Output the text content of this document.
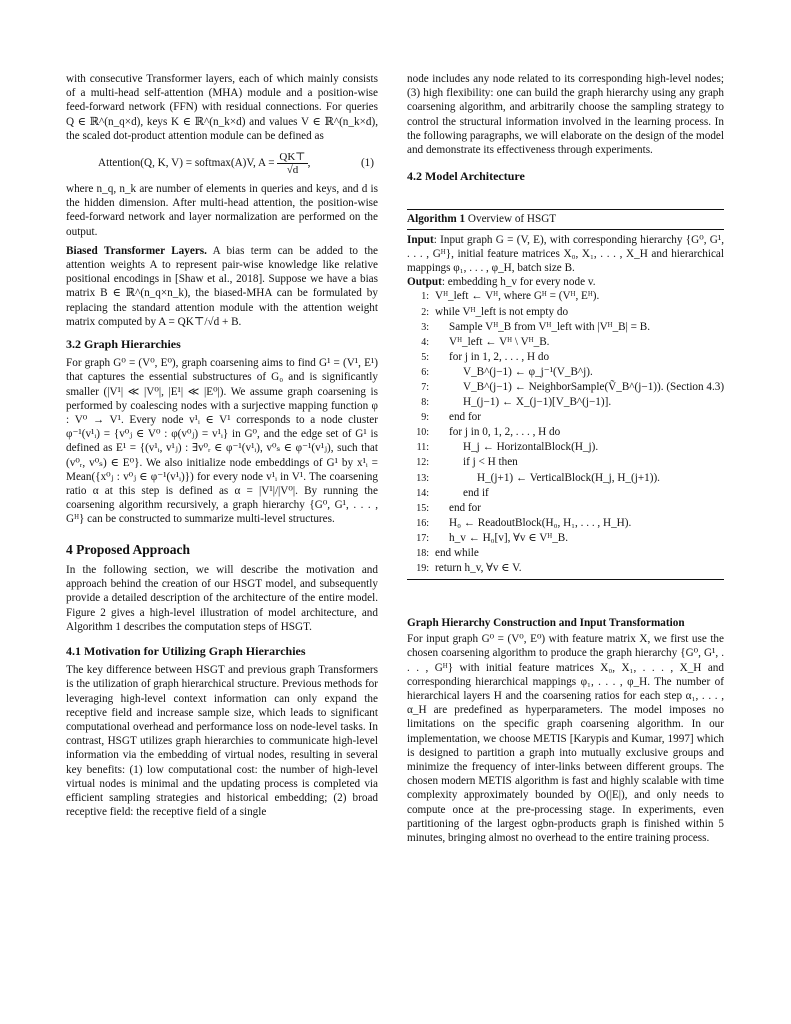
with consecutive Transformer layers, each of which mainly consists of a multi-head self-attention (MHA) module and a position-wise feed-forward network (FFN) with residual connections. For queries Q ∈ ℝ^(n_q×d), keys K ∈ ℝ^(n_k×d) and values V ∈ ℝ^(n_k×d), the scaled dot-product attention module can be defined as

Attention(Q, K, V) = softmax(A)V, $A = \frac{QK⊤}{√d}$ ,	(1)

where n_q, n_k are number of elements in queries and keys, and d is the hidden dimension. After multi-head attention, the position-wise feed-forward network and layer normalization are performed on the output.

Biased Transformer Layers. A bias term can be added to the attention weights A to represent pair-wise knowledge like relative positional encodings in [Shaw et al., 2018]. Suppose we have a bias matrix B ∈ ℝ^(n_q×n_k), the biased-MHA can be formulated by replacing the standard attention module with the attention weight matrix computed by A = QK⊤/√d + B.

3.2 Graph Hierarchies

For graph G⁰ = (V⁰, E⁰), graph coarsening aims to find G¹ = (V¹, E¹) that captures the essential substructures of G₀ and is significantly smaller (|V¹| ≪ |V⁰|, |E¹| ≪ |E⁰|). We assume graph coarsening is performed by coalescing nodes with a surjective mapping function φ : V⁰ → V¹. Every node v¹ᵢ ∈ V¹ corresponds to a node cluster φ⁻¹(v¹ᵢ) = {v⁰ⱼ ∈ V⁰ : φ(v⁰ⱼ) = v¹ᵢ} in G⁰, and the edge set of G¹ is defined as E¹ = {(v¹ᵢ, v¹ⱼ) : ∃v⁰ᵣ ∈ φ⁻¹(v¹ᵢ), v⁰ₛ ∈ φ⁻¹(v¹ⱼ), such that (v⁰ᵣ, v⁰ₛ) ∈ E⁰}. We also initialize node embeddings of G¹ by x¹ᵢ = Mean({x⁰ⱼ : v⁰ⱼ ∈ φ⁻¹(v¹ᵢ)}) for every node v¹ᵢ in V¹. The coarsening ratio α at this step is defined as α = |V¹|/|V⁰|. By running the coarsening algorithm recursively, a graph hierarchy {G⁰, G¹, . . . , Gᴴ} can be constructed to summarize multi-level structures.

4 Proposed Approach

In the following section, we will describe the motivation and approach behind the creation of our HSGT model, and subsequently provide a detailed description of the architecture of the entire model. Figure 2 gives a high-level illustration of model architecture, and Algorithm 1 describes the computation steps of HSGT.

4.1 Motivation for Utilizing Graph Hierarchies

The key difference between HSGT and previous graph Transformers is the utilization of graph hierarchical structure. Previous methods for leveraging high-level context information can only expand the receptive field and increase sample size, which leads to significant computational overhead and performance loss on node-level tasks. In contrast, HSGT utilizes graph hierarchies to communicate high-level information via the embedding of virtual nodes, resulting in several key benefits: (1) low computational cost: the number of high-level virtual nodes is minimal and the updating process is completed via efficient sampling strategies and historical embedding; (2) broad receptive field: the receptive field of a single

node includes any node related to its corresponding high-level nodes; (3) high flexibility: one can build the graph hierarchy using any graph coarsening algorithm, and arbitrarily choose the sampling strategy to control the structural information involved in the learning process. In the following paragraphs, we will elaborate on the design of the model and demonstrate its effectiveness through experiments.

4.2 Model Architecture
Algorithm 1 Overview of HSGT

Input: Input graph G = (V, E), with corresponding hierarchy {G⁰, G¹, . . . , Gᴴ}, initial feature matrices X₀, X₁, . . . , X_H and hierarchical mappings φ₁, . . . , φ_H, batch size B.

Output: embedding h_v for every node v.

1: Vᴴ_left ← Vᴴ, where Gᴴ = (Vᴴ, Eᴴ).
2: while Vᴴ_left is not empty do
3:	Sample Vᴴ_B from Vᴴ_left with |Vᴴ_B| = B.
4:	Vᴴ_left ← Vᴴ \ Vᴴ_B.
5:	for j in 1, 2, . . . , H do
6:	V_B^(j−1) ← φ_j⁻¹(V_B^j).
7:	V_B^(j−1) ← NeighborSample(Ṽ_B^(j−1)). (Section 4.3)
8:	H_(j−1) ← X_(j−1)[V_B^(j−1)].
9:	end for
10:	for j in 0, 1, 2, . . . , H do
11:	H_j ← HorizontalBlock(H_j).
12:	if j < H then
13:	H_(j+1) ← VerticalBlock(H_j, H_(j+1)).
14:	end if
15:	end for
16:	H₀ ← ReadoutBlock(H₀, H₁, . . . , H_H).
17:	h_v ← H₀[v], ∀v ∈ Vᴴ_B.
18: end while
19: return h_v, ∀v ∈ V.
Graph Hierarchy Construction and Input Transformation

For input graph G⁰ = (V⁰, E⁰) with feature matrix X, we first use the chosen coarsening algorithm to produce the graph hierarchy {G⁰, G¹, . . . , Gᴴ} with initial feature matrices X₀, X₁, . . . , X_H and corresponding hierarchical mappings φ₁, . . . , φ_H. The number of hierarchical layers H and the coarsening ratios for each step α₁, . . . , α_H are predefined as hyperparameters. The model imposes no limitations on the specific graph coarsening algorithm. In our implementation, we choose METIS [Karypis and Kumar, 1997] which is designed to partition a graph into mutually exclusive groups and minimize the frequency of inter-links between different groups. The chosen modern METIS algorithm is fast and highly scalable with time complexity approximately bounded by O(|E|), and only needs to compute once at the pre-processing stage. In experiments, even partitioning of the largest ogbn-products graph is finished within 5 minutes, bringing almost no overhead to the entire training process.
